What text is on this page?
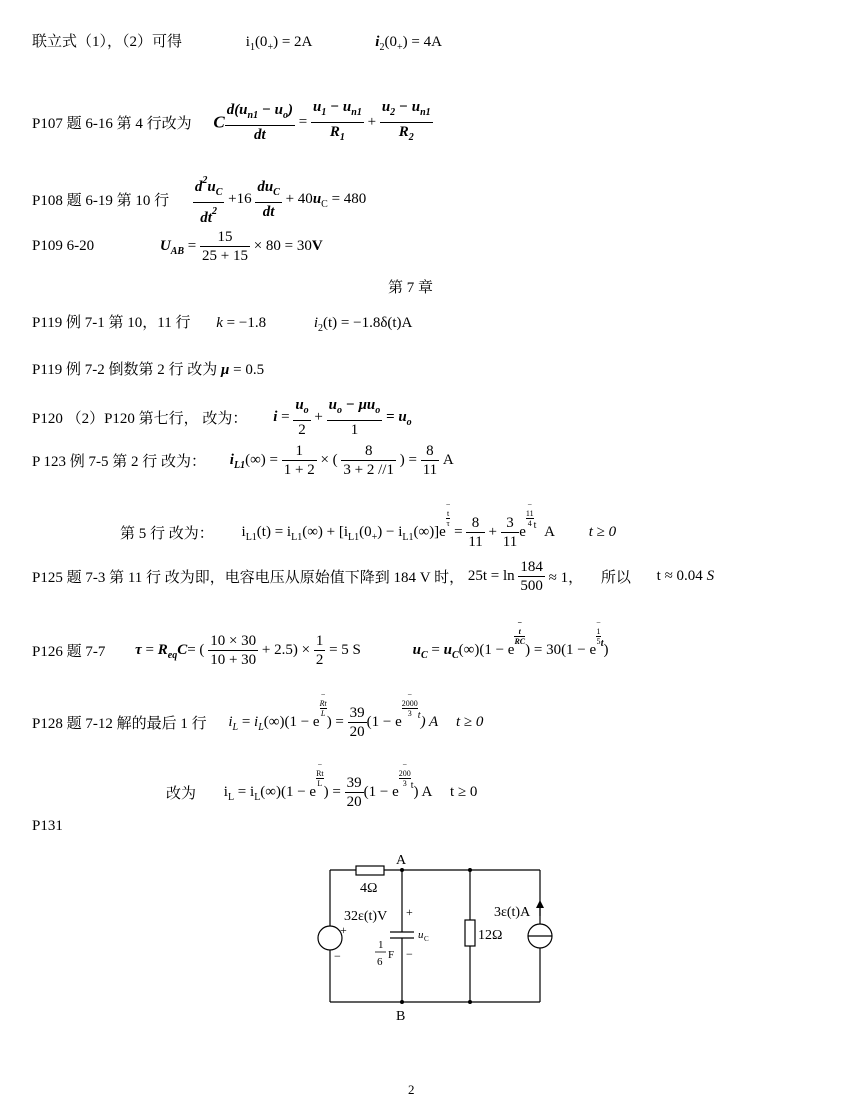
联立式（1），（2）可得	$i_1(0_+) = 2A$	$i_2(0_+) = 4A$
P107 题 6-16 第 4 行改为 C $\frac{d(u_{n1} - u_o)}{dt} = \frac{u_1 - u_{n1}}{R_1} + \frac{u_2 - u_{n1}}{R_2}$
P108 题 6-19 第 10 行 $\frac{d^2u_C}{dt^2} +16 \frac{du_C}{dt} + 40u_C = 480$
P109 6-20	$U_{AB} = \frac{15}{25 + 15} \times 80 = 30V$
第 7 章
P119 例 7-1 第 10，11 行 k = −1.8	$i_2(t) = -1.8\delta(t)A$
P119 例 7-2 倒数第 2 行 改为 μ = 0.5
P120 （2）P120 第七行， 改为： $i = \frac{u_o}{2} + \frac{u_o - \mu u_o}{1} = u_o$
P 123 例 7-5 第 2 行 改为： $i_{L1}(\infty) = \frac{1}{1 + 2}$ × ( $\frac{8}{3 + 2 //1}$ ) = $\frac{8}{11}$ A
第 5 行 改为： $i_{L1}(t) = i_{L1}(\infty) + [i_{L1}(0_+) - i_{L1}(\infty)]e-$
t
τ
= $\frac{8}{11} + \frac{3}{11} e-$
11
4 $^t$ A t ≥ 0
P125 题 7-3 第 11 行 改为即，电容电压从原始值下降到 184 V 时， $25t = \ln \frac{184}{500} \approx 1$， 所以 t ≈ 0.04 S
P126 题 7-7 $\tau = R_{eq}C=$ ( $\frac{10 \times 30}{10 + 30} + 2.5) \times \frac{1}{2} = 5$ S	$u_C = u_C(\infty)(1 - e-$
t
RC
) = 30(1 − e−
1
5 $^t$)
P128 题 7-12 解的最后 1 行 $i_L = i_L(\infty)(1 - e-$
Rt
L
) = $\frac{39}{20} (1 - e-$
2000
3 $^t$) A t ≥ 0
改为 $i_L = i_L(\infty)(1 - e-$
Rt
L
) = $\frac{39}{20} (1 - e-$
200
3 $^t$) A t ≥ 0
P131
A
B
4Ω
32ε(t)V
+
−
+
−
u C
1
6
F
12Ω
3ε(t)A
2
